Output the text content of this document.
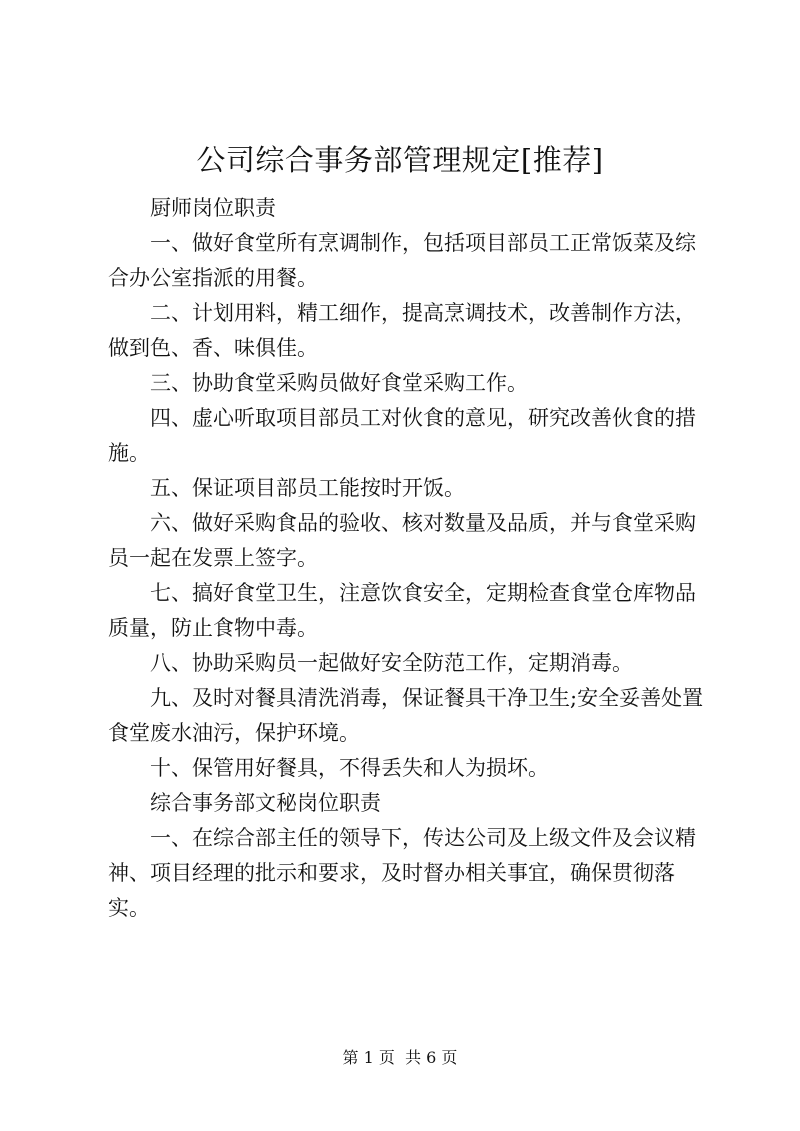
公司综合事务部管理规定[推荐]

厨师岗位职责

一、做好食堂所有烹调制作，包括项目部员工正常饭菜及综合办公室指派的用餐。

二、计划用料，精工细作，提高烹调技术，改善制作方法，做到色、香、味俱佳。

三、协助食堂采购员做好食堂采购工作。

四、虚心听取项目部员工对伙食的意见，研究改善伙食的措施。

五、保证项目部员工能按时开饭。

六、做好采购食品的验收、核对数量及品质，并与食堂采购员一起在发票上签字。

七、搞好食堂卫生，注意饮食安全，定期检查食堂仓库物品质量，防止食物中毒。

八、协助采购员一起做好安全防范工作，定期消毒。

九、及时对餐具清洗消毒，保证餐具干净卫生;安全妥善处置食堂废水油污，保护环境。

十、保管用好餐具，不得丢失和人为损坏。

综合事务部文秘岗位职责

一、在综合部主任的领导下，传达公司及上级文件及会议精神、项目经理的批示和要求，及时督办相关事宜，确保贯彻落实。

第 1 页  共 6 页
